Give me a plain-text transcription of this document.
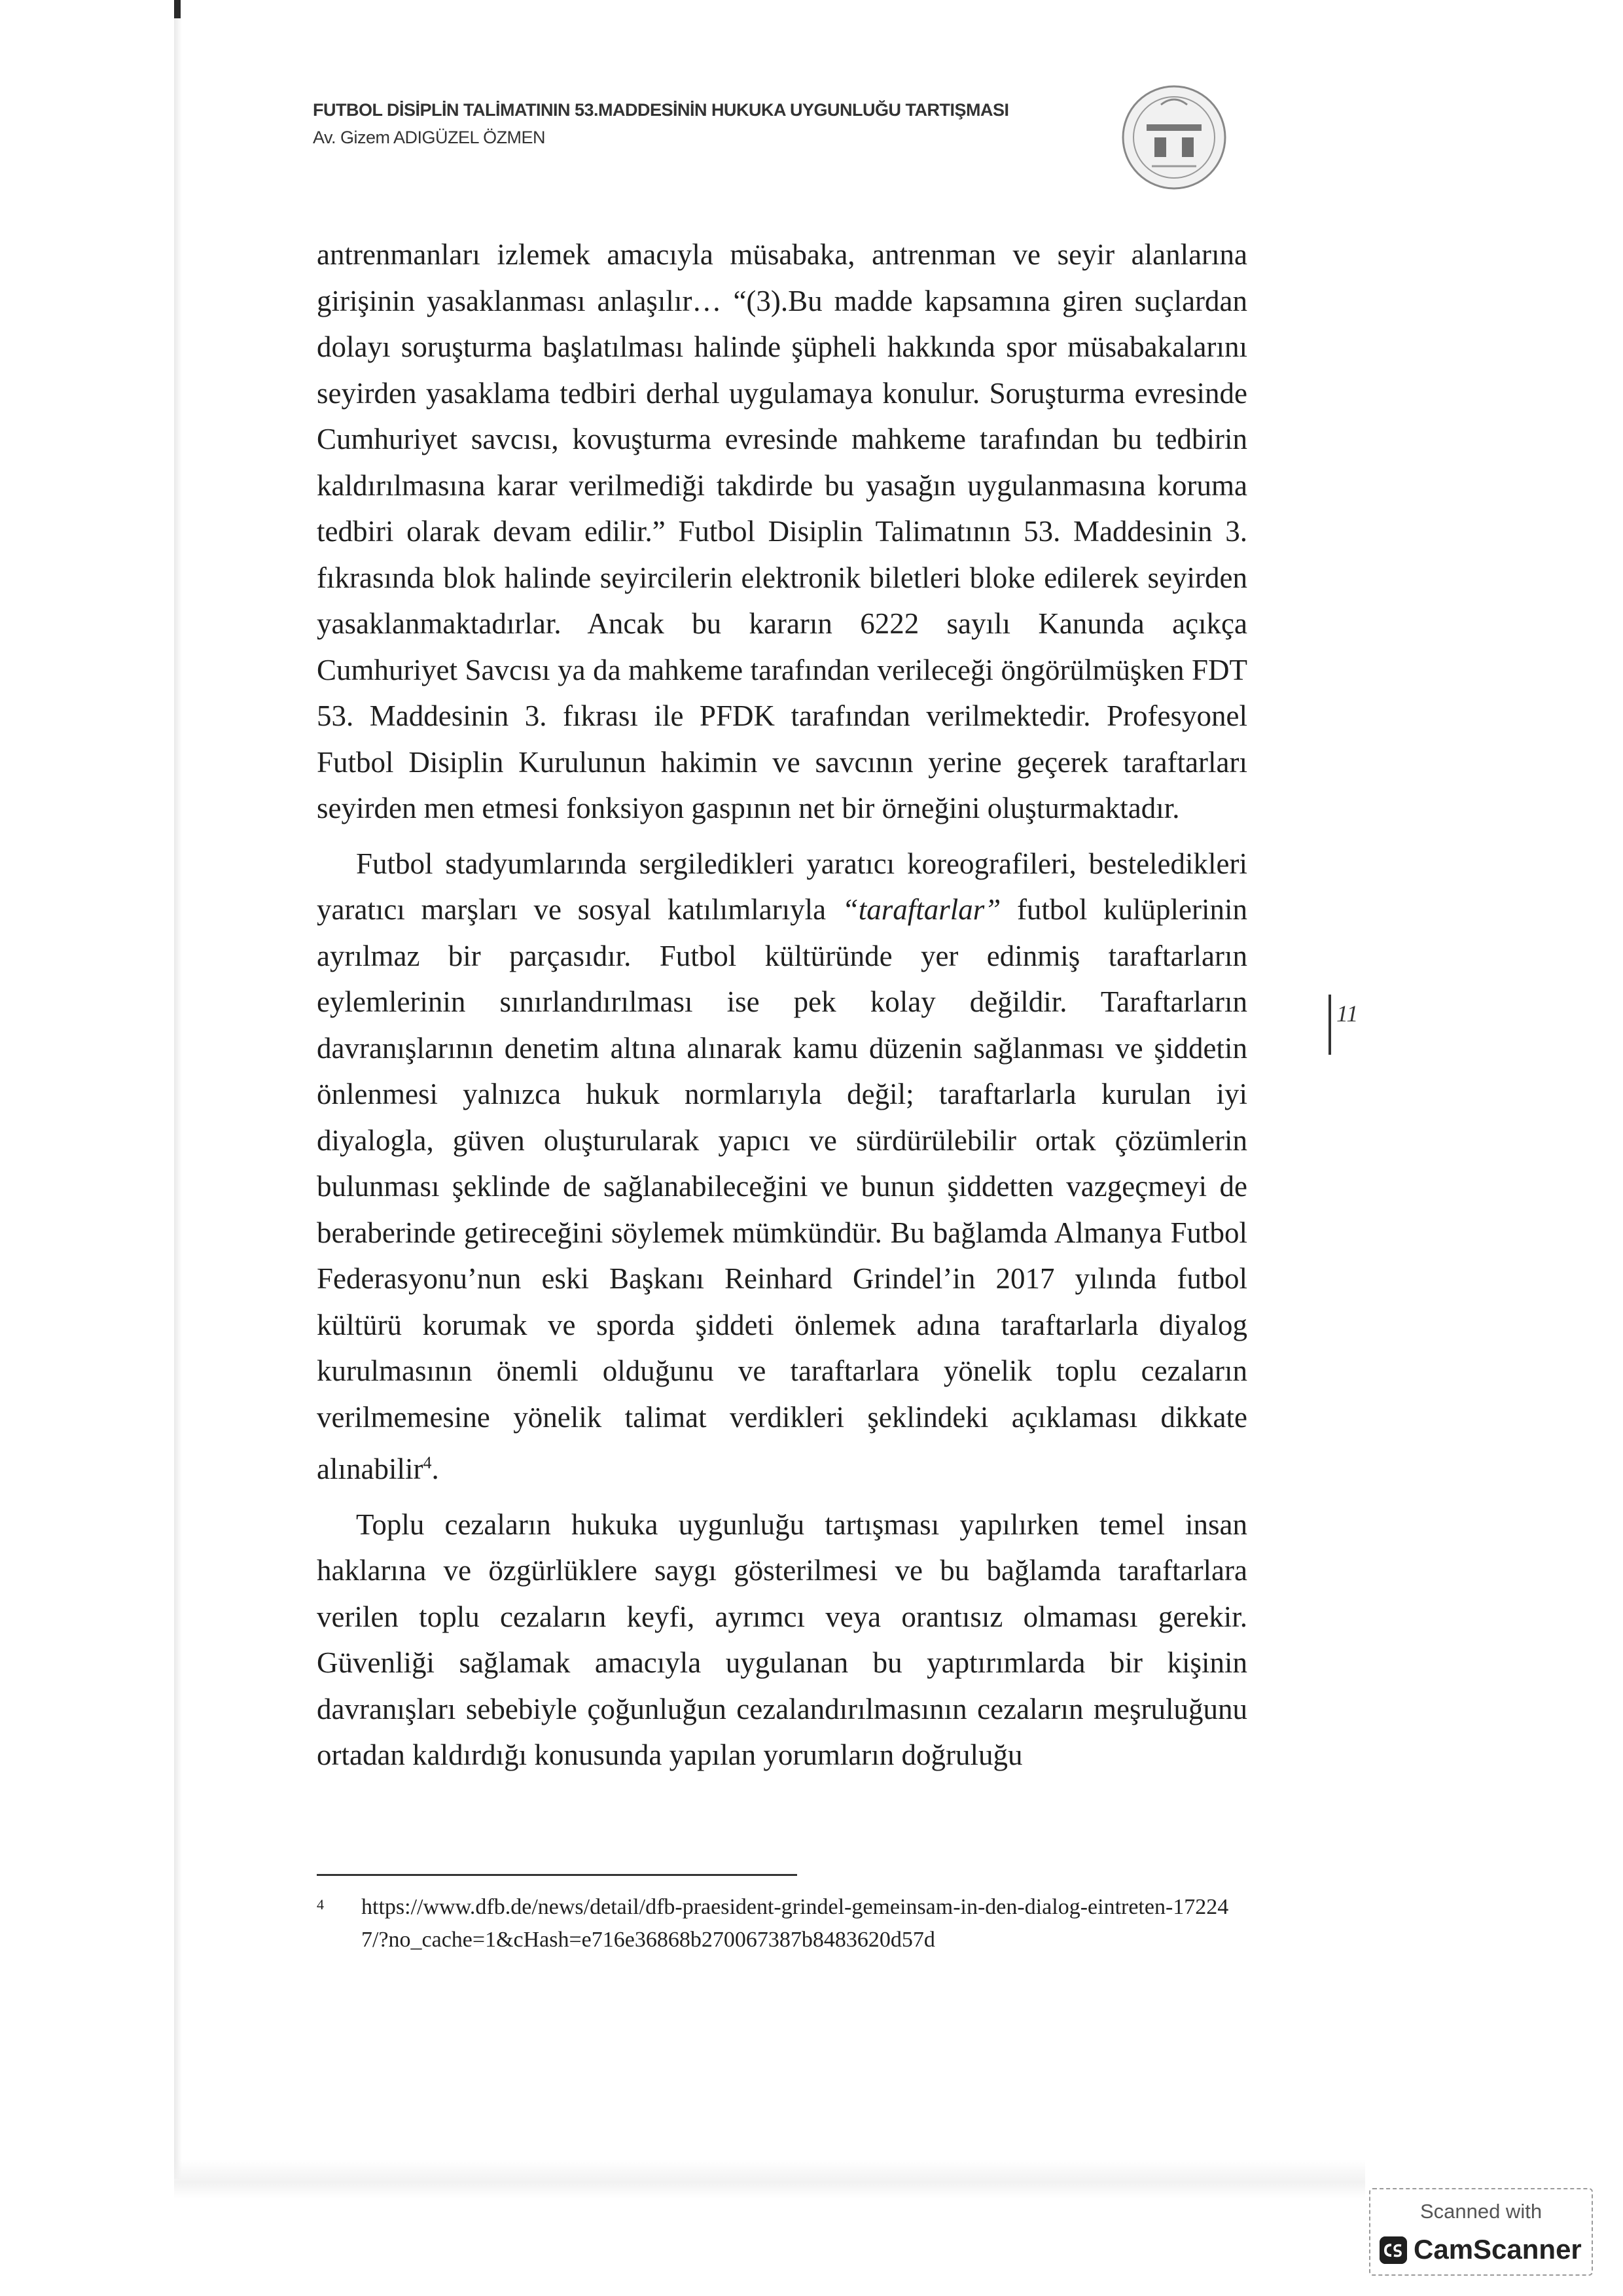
FUTBOL DİSİPLİN TALİMATININ 53.MADDESİNİN HUKUKA UYGUNLUĞU TARTIŞMASI
Av. Gizem ADIGÜZEL ÖZMEN

antrenmanları izlemek amacıyla müsabaka, antrenman ve seyir alanlarına girişinin yasaklanması anlaşılır… “(3).Bu madde kapsamına giren suçlardan dolayı soruşturma başlatılması halinde şüpheli hakkında spor müsabakalarını seyirden yasaklama tedbiri derhal uygulamaya konulur. Soruşturma evresinde Cumhuriyet savcısı, kovuşturma evresinde mahkeme tarafından bu tedbirin kaldırılmasına karar verilmediği takdirde bu yasağın uygulanmasına koruma tedbiri olarak devam edilir.” Futbol Disiplin Talimatının 53. Maddesinin 3. fıkrasında blok halinde seyircilerin elektronik biletleri bloke edilerek seyirden yasaklanmaktadırlar. Ancak bu kararın 6222 sayılı Kanunda açıkça Cumhuriyet Savcısı ya da mahkeme tarafından verileceği öngörülmüşken FDT 53. Maddesinin 3. fıkrası ile PFDK tarafından verilmektedir. Profesyonel Futbol Disiplin Kurulunun hakimin ve savcının yerine geçerek taraftarları seyirden men etmesi fonksiyon gaspının net bir örneğini oluşturmaktadır.

Futbol stadyumlarında sergiledikleri yaratıcı koreografileri, besteledikleri yaratıcı marşları ve sosyal katılımlarıyla “taraftarlar” futbol kulüplerinin ayrılmaz bir parçasıdır. Futbol kültüründe yer edinmiş taraftarların eylemlerinin sınırlandırılması ise pek kolay değildir. Taraftarların davranışlarının denetim altına alınarak kamu düzenin sağlanması ve şiddetin önlenmesi yalnızca hukuk normlarıyla değil; taraftarlarla kurulan iyi diyalogla, güven oluşturularak yapıcı ve sürdürülebilir ortak çözümlerin bulunması şeklinde de sağlanabileceğini ve bunun şiddetten vazgeçmeyi de beraberinde getireceğini söylemek mümkündür. Bu bağlamda Almanya Futbol Federasyonu’nun eski Başkanı Reinhard Grindel’in 2017 yılında futbol kültürü korumak ve sporda şiddeti önlemek adına taraftarlarla diyalog kurulmasının önemli olduğunu ve taraftarlara yönelik toplu cezaların verilmemesine yönelik talimat verdikleri şeklindeki açıklaması dikkate alınabilir$^4$.

Toplu cezaların hukuka uygunluğu tartışması yapılırken temel insan haklarına ve özgürlüklere saygı gösterilmesi ve bu bağlamda taraftarlara verilen toplu cezaların keyfi, ayrımcı veya orantısız olmaması gerekir. Güvenliği sağlamak amacıyla uygulanan bu yaptırımlarda bir kişinin davranışları sebebiyle çoğunluğun cezalandırılmasının cezaların meşruluğunu ortadan kaldırdığı konusunda yapılan yorumların doğruluğu

11
4 https://www.dfb.de/news/detail/dfb-praesident-grindel-gemeinsam-in-den-dialog-eintreten-172247/?no_cache=1&cHash=e716e36868b270067387b8483620d57d
Scanned with
CamScanner
